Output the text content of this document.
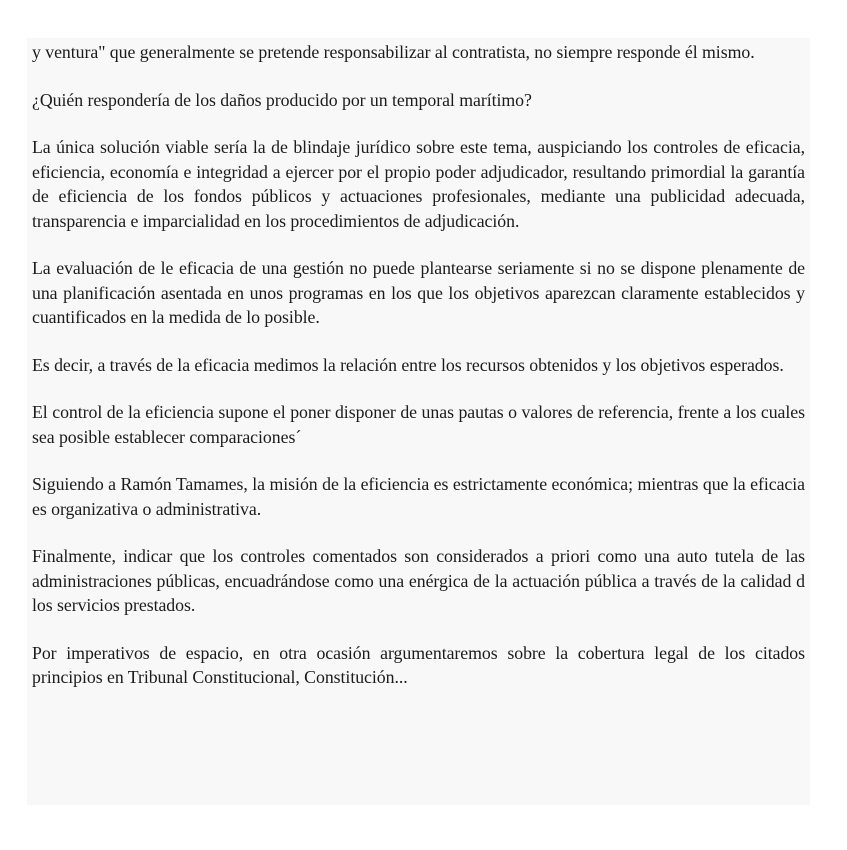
y ventura" que generalmente se pretende responsabilizar al contratista, no siempre responde él mismo.

¿Quién respondería de los daños producido por un temporal marítimo?

La única solución viable sería la de blindaje jurídico sobre este tema, auspiciando los controles de eficacia, eficiencia, economía e integridad a ejercer por el propio poder adjudicador, resultando primordial la garantía de eficiencia de los fondos públicos y actuaciones profesionales, mediante una publicidad adecuada, transparencia e imparcialidad en los procedimientos de adjudicación.

La evaluación de le eficacia de una gestión no puede plantearse seriamente si no se dispone plenamente de una planificación asentada en unos programas en los que los objetivos aparezcan claramente establecidos y cuantificados en la medida de lo posible.

Es decir, a través de la eficacia medimos la relación entre los recursos obtenidos y los objetivos esperados.

El control de la eficiencia supone el poner disponer de unas pautas o valores de referencia, frente a los cuales sea posible establecer comparaciones´

Siguiendo a Ramón Tamames, la misión de la eficiencia es estrictamente económica; mientras que la eficacia es organizativa o administrativa.

Finalmente, indicar que los controles comentados son considerados a priori como una auto tutela de las administraciones públicas, encuadrándose como una enérgica de la actuación pública a través de la calidad d los servicios prestados.

Por imperativos de espacio, en otra ocasión argumentaremos sobre la cobertura legal de los citados principios en Tribunal Constitucional, Constitución...
